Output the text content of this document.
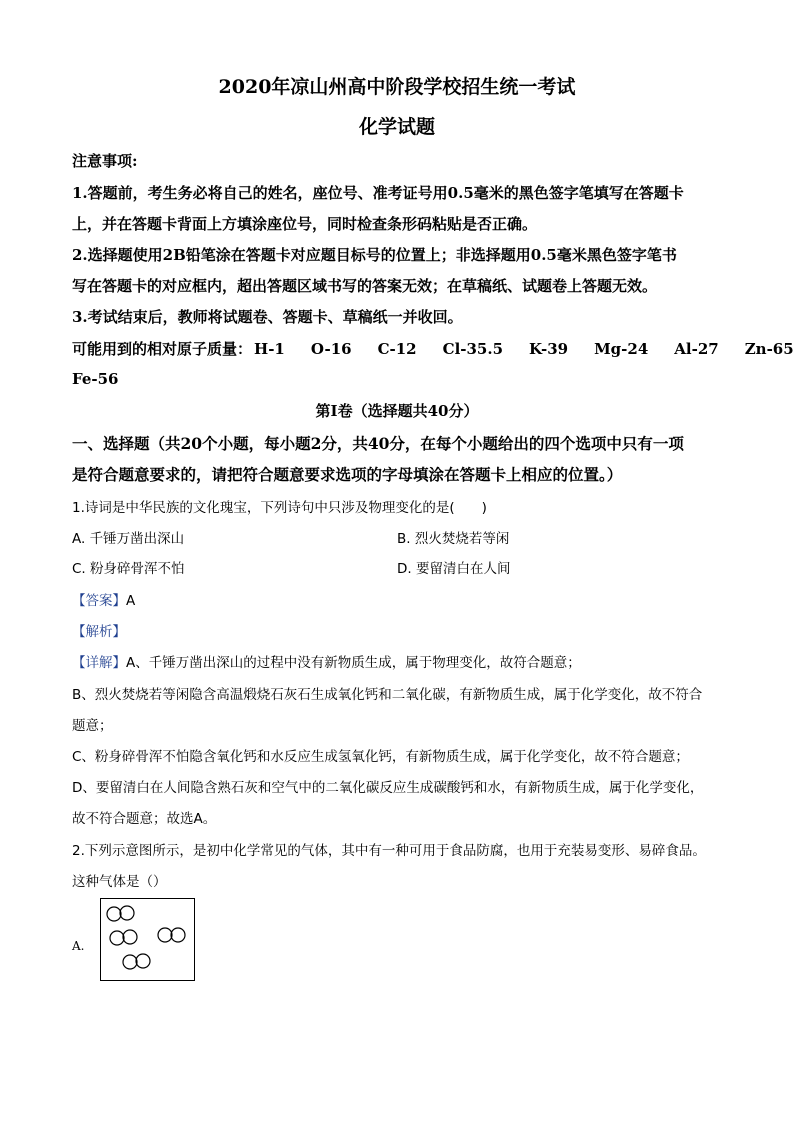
2020年凉山州高中阶段学校招生统一考试
化学试题
注意事项:
1.答题前，考生务必将自己的姓名，座位号、准考证号用0.5毫米的黑色签字笔填写在答题卡
上，并在答题卡背面上方填涂座位号，同时检查条形码粘贴是否正确。
2.选择题使用2B铅笔涂在答题卡对应题目标号的位置上；非选择题用0.5毫米黑色签字笔书
写在答题卡的对应框内，超出答题区域书写的答案无效；在草稿纸、试题卷上答题无效。
3.考试结束后，教师将试题卷、答题卡、草稿纸一并收回。
可能用到的相对原子质量： H-1 O-16 C-12 Cl-35.5 K-39 Mg-24 Al-27 Zn-65
Fe-56
第Ⅰ卷（选择题共40分）
一、选择题（共20个小题，每小题2分，共40分，在每个小题给出的四个选项中只有一项
是符合题意要求的，请把符合题意要求选项的字母填涂在答题卡上相应的位置。）
1.诗词是中华民族的文化瑰宝，下列诗句中只涉及物理变化的是(　　)
A. 千锤万凿出深山	B. 烈火焚烧若等闲
C. 粉身碎骨浑不怕	D. 要留清白在人间
【答案】A
【解析】
【详解】A、千锤万凿出深山的过程中没有新物质生成，属于物理变化，故符合题意；
B、烈火焚烧若等闲隐含高温煅烧石灰石生成氧化钙和二氧化碳，有新物质生成，属于化学变化，故不符合
题意；
C、粉身碎骨浑不怕隐含氧化钙和水反应生成氢氧化钙，有新物质生成，属于化学变化，故不符合题意；
D、要留清白在人间隐含熟石灰和空气中的二氧化碳反应生成碳酸钙和水，有新物质生成，属于化学变化，
故不符合题意；故选A。
2.下列示意图所示，是初中化学常见的气体，其中有一种可用于食品防腐，也用于充装易变形、易碎食品。
这种气体是（）
A.
